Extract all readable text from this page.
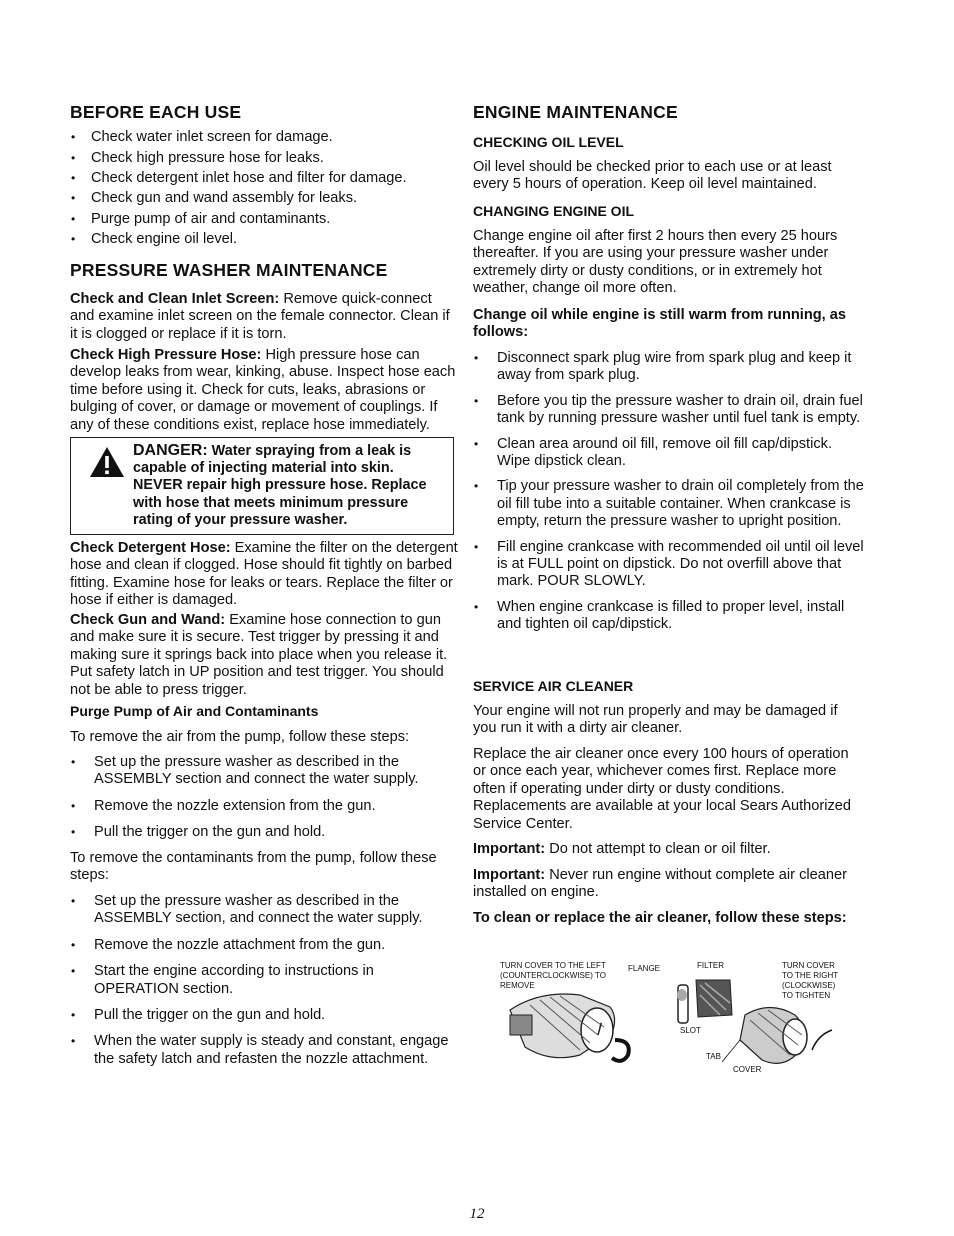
BEFORE EACH USE
• Check water inlet screen for damage.
• Check high pressure hose for leaks.
• Check detergent inlet hose and filter for damage.
• Check gun and wand assembly for leaks.
• Purge pump of air and contaminants.
• Check engine oil level.
PRESSURE WASHER MAINTENANCE

Check and Clean Inlet Screen: Remove quick-connect and examine inlet screen on the female connector. Clean if it is clogged or replace if it is torn.

Check High Pressure Hose: High pressure hose can develop leaks from wear, kinking, abuse. Inspect hose each time before using it. Check for cuts, leaks, abrasions or bulging of cover, or damage or movement of couplings. If any of these conditions exist, replace hose immediately.

DANGER: Water spraying from a leak is capable of injecting material into skin. NEVER repair high pressure hose. Replace with hose that meets minimum pressure rating of your pressure washer.

Check Detergent Hose: Examine the filter on the detergent hose and clean if clogged. Hose should fit tightly on barbed fitting. Examine hose for leaks or tears. Replace the filter or hose if either is damaged.

Check Gun and Wand: Examine hose connection to gun and make sure it is secure. Test trigger by pressing it and making sure it springs back into place when you release it. Put safety latch in UP position and test trigger. You should not be able to press trigger.

Purge Pump of Air and Contaminants

To remove the air from the pump, follow these steps:

• Set up the pressure washer as described in the ASSEMBLY section and connect the water supply.
• Remove the nozzle extension from the gun.
• Pull the trigger on the gun and hold.

To remove the contaminants from the pump, follow these steps:

• Set up the pressure washer as described in the ASSEMBLY section, and connect the water supply.
• Remove the nozzle attachment from the gun.
• Start the engine according to instructions in OPERATION section.
• Pull the trigger on the gun and hold.
• When the water supply is steady and constant, engage the safety latch and refasten the nozzle attachment.
ENGINE MAINTENANCE
CHECKING OIL LEVEL

Oil level should be checked prior to each use or at least every 5 hours of operation. Keep oil level maintained.

CHANGING ENGINE OIL

Change engine oil after first 2 hours then every 25 hours thereafter. If you are using your pressure washer under extremely dirty or dusty conditions, or in extremely hot weather, change oil more often.

Change oil while engine is still warm from running, as follows:

• Disconnect spark plug wire from spark plug and keep it away from spark plug.
• Before you tip the pressure washer to drain oil, drain fuel tank by running pressure washer until fuel tank is empty.
• Clean area around oil fill, remove oil fill cap/dipstick. Wipe dipstick clean.
• Tip your pressure washer to drain oil completely from the oil fill tube into a suitable container. When crankcase is empty, return the pressure washer to upright position.
• Fill engine crankcase with recommended oil until oil level is at FULL point on dipstick. Do not overfill above that mark. POUR SLOWLY.
• When engine crankcase is filled to proper level, install and tighten oil cap/dipstick.
SERVICE AIR CLEANER

Your engine will not run properly and may be damaged if you run it with a dirty air cleaner.

Replace the air cleaner once every 100 hours of operation or once each year, whichever comes first. Replace more often if operating under dirty or dusty conditions. Replacements are available at your local Sears Authorized Service Center.

Important: Do not attempt to clean or oil filter.

Important: Never run engine without complete air cleaner installed on engine.

To clean or replace the air cleaner, follow these steps:

TURN COVER TO THE LEFT
(COUNTERCLOCKWISE) TO
REMOVE
FLANGE	FILTER
SLOT
TAB
COVER
TURN COVER
TO THE RIGHT
(CLOCKWISE)
TO TIGHTEN
12
